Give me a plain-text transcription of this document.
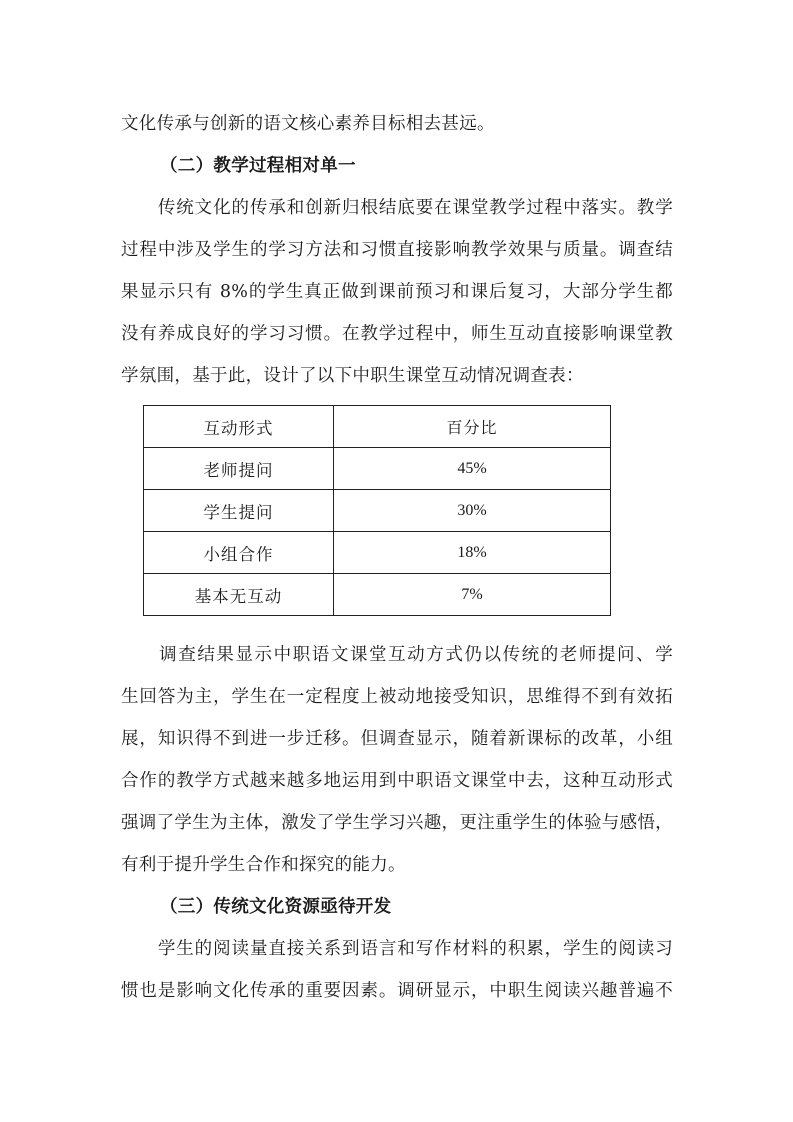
文化传承与创新的语文核心素养目标相去甚远。
（二）教学过程相对单一
　　传统文化的传承和创新归根结底要在课堂教学过程中落实。教学
过程中涉及学生的学习方法和习惯直接影响教学效果与质量。调查结
果显示只有 8%的学生真正做到课前预习和课后复习，大部分学生都
没有养成良好的学习习惯。在教学过程中，师生互动直接影响课堂教
学氛围，基于此，设计了以下中职生课堂互动情况调查表：
互动形式	百分比
老师提问	45%
学生提问	30%
小组合作	18%
基本无互动	7%
　　调查结果显示中职语文课堂互动方式仍以传统的老师提问、学
生回答为主，学生在一定程度上被动地接受知识，思维得不到有效拓
展，知识得不到进一步迁移。但调查显示，随着新课标的改革，小组
合作的教学方式越来越多地运用到中职语文课堂中去，这种互动形式
强调了学生为主体，激发了学生学习兴趣，更注重学生的体验与感悟，
有利于提升学生合作和探究的能力。
（三）传统文化资源亟待开发
　　学生的阅读量直接关系到语言和写作材料的积累，学生的阅读习
惯也是影响文化传承的重要因素。调研显示，中职生阅读兴趣普遍不
